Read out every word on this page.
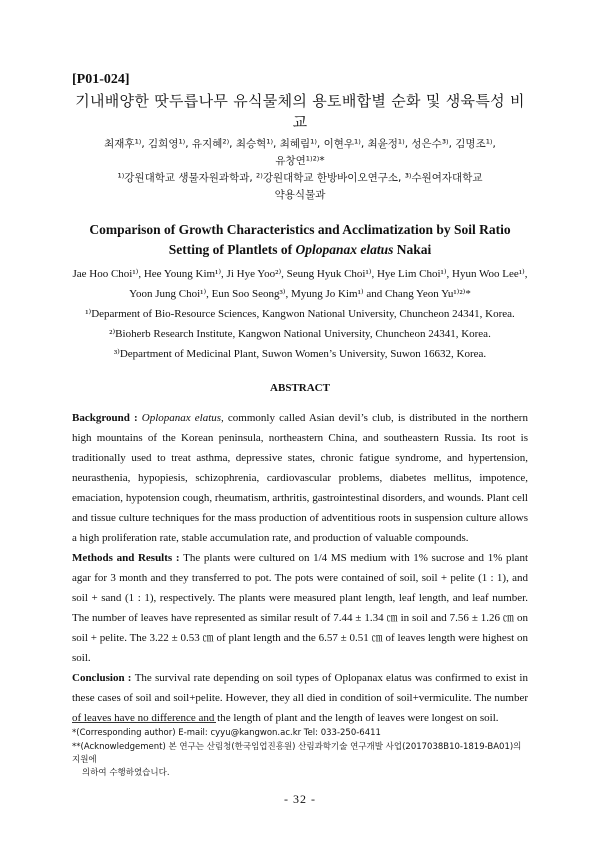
[P01-024]

기내배양한 땃두릅나무 유식물체의 용토배합별 순화 및 생육특성 비교

최재후¹⁾, 김희영¹⁾, 유지혜²⁾, 최승혁¹⁾, 최혜림¹⁾, 이현우¹⁾, 최윤정¹⁾, 성은수³⁾, 김명조¹⁾,

유창연¹⁾²⁾*

¹⁾강원대학교 생물자원과학과, ²⁾강원대학교 한방바이오연구소, ³⁾수원여자대학교

약용식물과

Comparison of Growth Characteristics and Acclimatization by Soil Ratio Setting of Plantlets of Oplopanax elatus Nakai

Jae Hoo Choi¹⁾, Hee Young Kim¹⁾, Ji Hye Yoo²⁾, Seung Hyuk Choi¹⁾, Hye Lim Choi¹⁾, Hyun Woo Lee¹⁾, Yoon Jung Choi¹⁾, Eun Soo Seong³⁾, Myung Jo Kim¹⁾ and Chang Yeon Yu¹⁾²⁾*

¹⁾Deparment of Bio-Resource Sciences, Kangwon National University, Chuncheon 24341, Korea.

²⁾Bioherb Research Institute, Kangwon National University, Chuncheon 24341, Korea.

³⁾Department of Medicinal Plant, Suwon Women’s University, Suwon 16632, Korea.

ABSTRACT

Background : Oplopanax elatus, commonly called Asian devil’s club, is distributed in the northern high mountains of the Korean peninsula, northeastern China, and southeastern Russia. Its root is traditionally used to treat asthma, depressive states, chronic fatigue syndrome, and hypertension, neurasthenia, hypopiesis, schizophrenia, cardiovascular problems, diabetes mellitus, impotence, emaciation, hypotension cough, rheumatism, arthritis, gastrointestinal disorders, and wounds. Plant cell and tissue culture techniques for the mass production of adventitious roots in suspension culture allows a high proliferation rate, stable accumulation rate, and production of valuable compounds.

Methods and Results : The plants were cultured on 1/4 MS medium with 1% sucrose and 1% plant agar for 3 month and they transferred to pot. The pots were contained of soil, soil + pelite (1 : 1), and soil + sand (1 : 1), respectively. The plants were measured plant length, leaf length, and leaf number. The number of leaves have represented as similar result of 7.44 ± 1.34 ㎝ in soil and 7.56 ± 1.26 ㎝ on soil + pelite. The 3.22 ± 0.53 ㎝ of plant length and the 6.57 ± 0.51 ㎝ of leaves length were highest on soil.

Conclusion : The survival rate depending on soil types of Oplopanax elatus was confirmed to exist in these cases of soil and soil+pelite. However, they all died in condition of soil+vermiculite. The number of leaves have no difference and the length of plant and the length of leaves were longest on soil.

*(Corresponding author) E-mail: cyyu@kangwon.ac.kr Tel: 033-250-6411
**(Acknowledgement) 본 연구는 산림청(한국임업진흥원) 산림과학기술 연구개발 사업(2017038B10-1819-BA01)의 지원에
의하여 수행하였습니다.
- 32 -
